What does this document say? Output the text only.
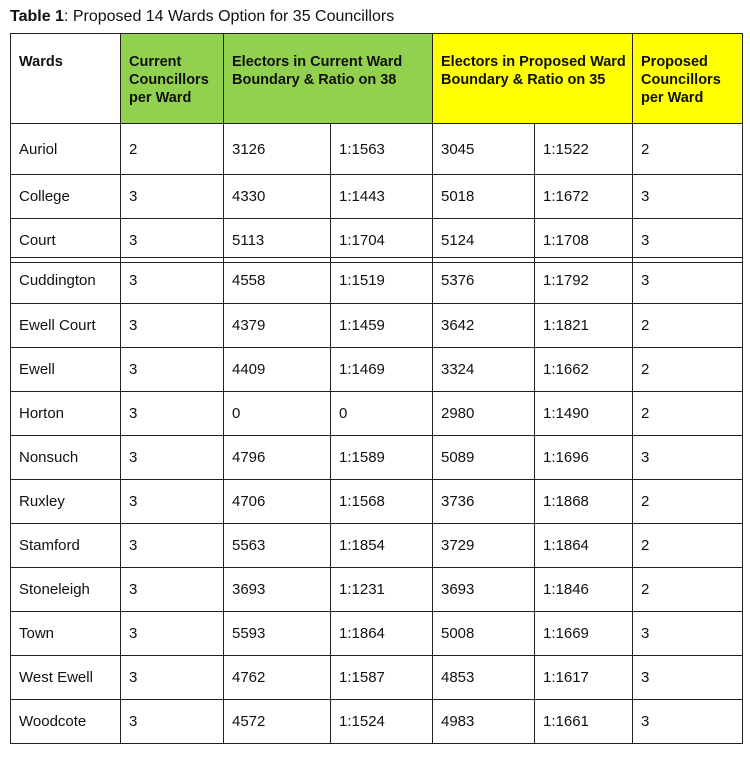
Table 1: Proposed 14 Wards Option for 35 Councillors
Wards	Current Councillors per Ward	Electors in Current Ward Boundary & Ratio on 38		Electors in Proposed Ward Boundary & Ratio on 35		Proposed Councillors per Ward
Auriol	2	3126	1:1563	3045	1:1522	2
College	3	4330	1:1443	5018	1:1672	3
Court	3	5113	1:1704	5124	1:1708	3
Cuddington	3	4558	1:1519	5376	1:1792	3
Ewell Court	3	4379	1:1459	3642	1:1821	2
Ewell	3	4409	1:1469	3324	1:1662	2
Horton	3	0	0	2980	1:1490	2
Nonsuch	3	4796	1:1589	5089	1:1696	3
Ruxley	3	4706	1:1568	3736	1:1868	2
Stamford	3	5563	1:1854	3729	1:1864	2
Stoneleigh	3	3693	1:1231	3693	1:1846	2
Town	3	5593	1:1864	5008	1:1669	3
West Ewell	3	4762	1:1587	4853	1:1617	3
Woodcote	3	4572	1:1524	4983	1:1661	3
